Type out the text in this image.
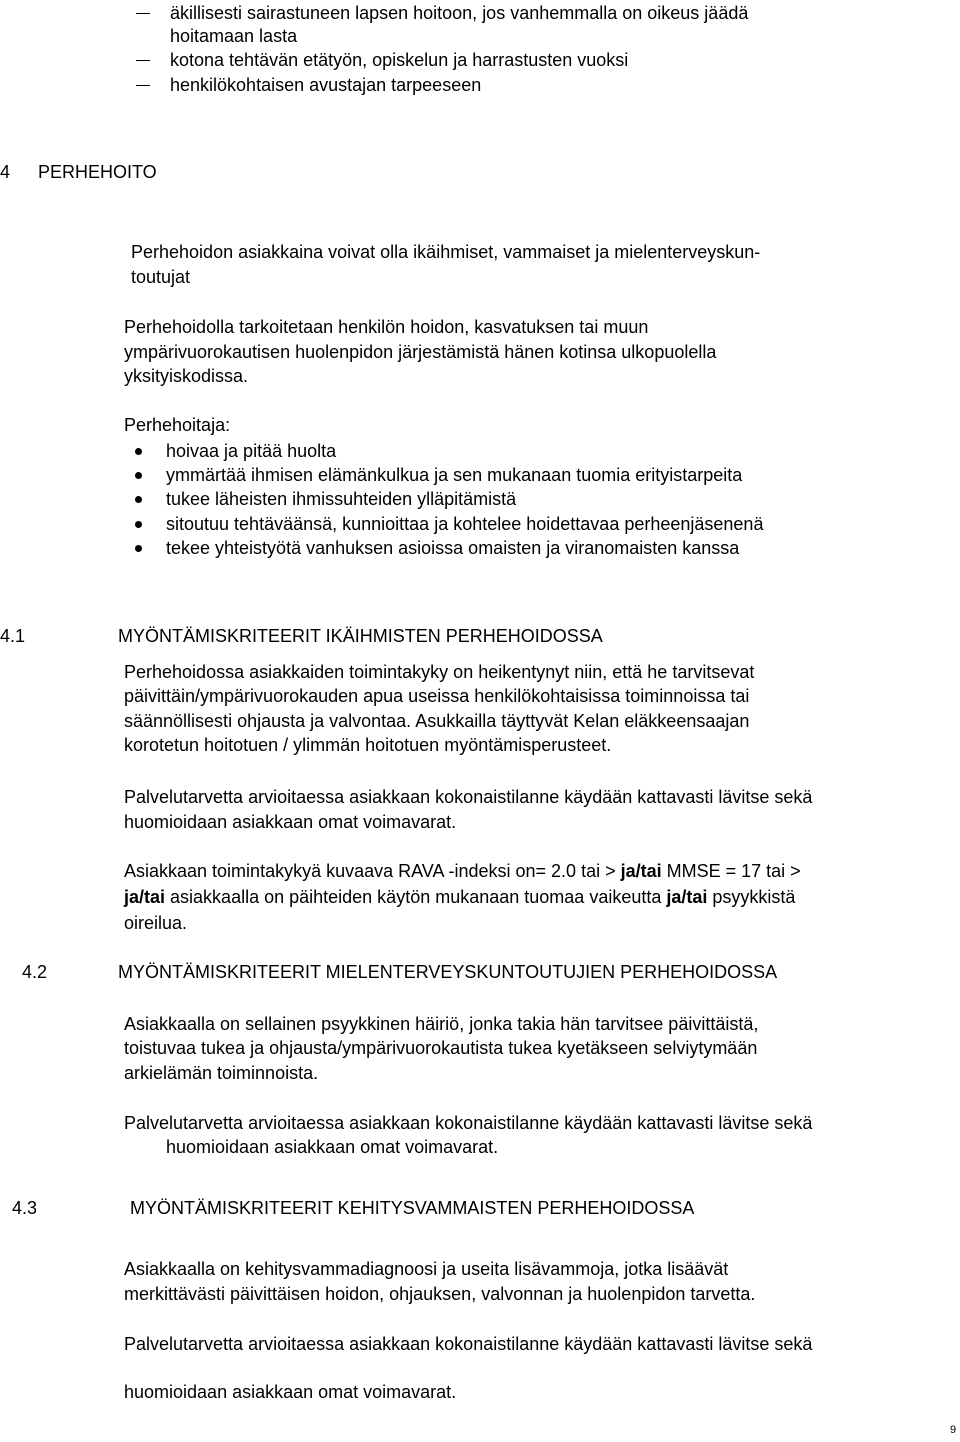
äkillisesti sairastuneen lapsen hoitoon, jos vanhemmalla on oikeus jäädä
hoitamaan lasta
kotona tehtävän etätyön, opiskelun ja harrastusten vuoksi
henkilökohtaisen avustajan tarpeeseen
4 PERHEHOITO
Perhehoidon asiakkaina voivat olla ikäihmiset, vammaiset ja mielenterveyskun-
toutujat
Perhehoidolla tarkoitetaan henkilön hoidon, kasvatuksen tai muun
ympärivuorokautisen huolenpidon järjestämistä hänen kotinsa ulkopuolella
yksityiskodissa.
Perhehoitaja:
hoivaa ja pitää huolta
ymmärtää ihmisen elämänkulkua ja sen mukanaan tuomia erityistarpeita
tukee läheisten ihmissuhteiden ylläpitämistä
sitoutuu tehtäväänsä, kunnioittaa ja kohtelee hoidettavaa perheenjäsenenä
tekee yhteistyötä vanhuksen asioissa omaisten ja viranomaisten kanssa
4.1	MYÖNTÄMISKRITEERIT IKÄIHMISTEN PERHEHOIDOSSA
Perhehoidossa asiakkaiden toimintakyky on heikentynyt niin, että he tarvitsevat
päivittäin/ympärivuorokauden apua useissa henkilökohtaisissa toiminnoissa tai
säännöllisesti ohjausta ja valvontaa. Asukkailla täyttyvät Kelan eläkkeensaajan
korotetun hoitotuen / ylimmän hoitotuen myöntämisperusteet.
Palvelutarvetta arvioitaessa asiakkaan kokonaistilanne käydään kattavasti lävitse sekä
huomioidaan asiakkaan omat voimavarat.
Asiakkaan toimintakykyä kuvaava RAVA -indeksi on= 2.0 tai > ja/tai MMSE = 17 tai >
ja/tai asiakkaalla on päihteiden käytön mukanaan tuomaa vaikeutta ja/tai psyykkistä
oireilua.
4.2	MYÖNTÄMISKRITEERIT MIELENTERVEYSKUNTOUTUJIEN PERHEHOIDOSSA
Asiakkaalla on sellainen psyykkinen häiriö, jonka takia hän tarvitsee päivittäistä,
toistuvaa tukea ja ohjausta/ympärivuorokautista tukea kyetäkseen selviytymään
arkielämän toiminnoista.
Palvelutarvetta arvioitaessa asiakkaan kokonaistilanne käydään kattavasti lävitse sekä
huomioidaan asiakkaan omat voimavarat.
4.3	MYÖNTÄMISKRITEERIT KEHITYSVAMMAISTEN PERHEHOIDOSSA
Asiakkaalla on kehitysvammadiagnoosi ja useita lisävammoja, jotka lisäävät
merkittävästi päivittäisen hoidon, ohjauksen, valvonnan ja huolenpidon tarvetta.
Palvelutarvetta arvioitaessa asiakkaan kokonaistilanne käydään kattavasti lävitse sekä
huomioidaan asiakkaan omat voimavarat.
9
